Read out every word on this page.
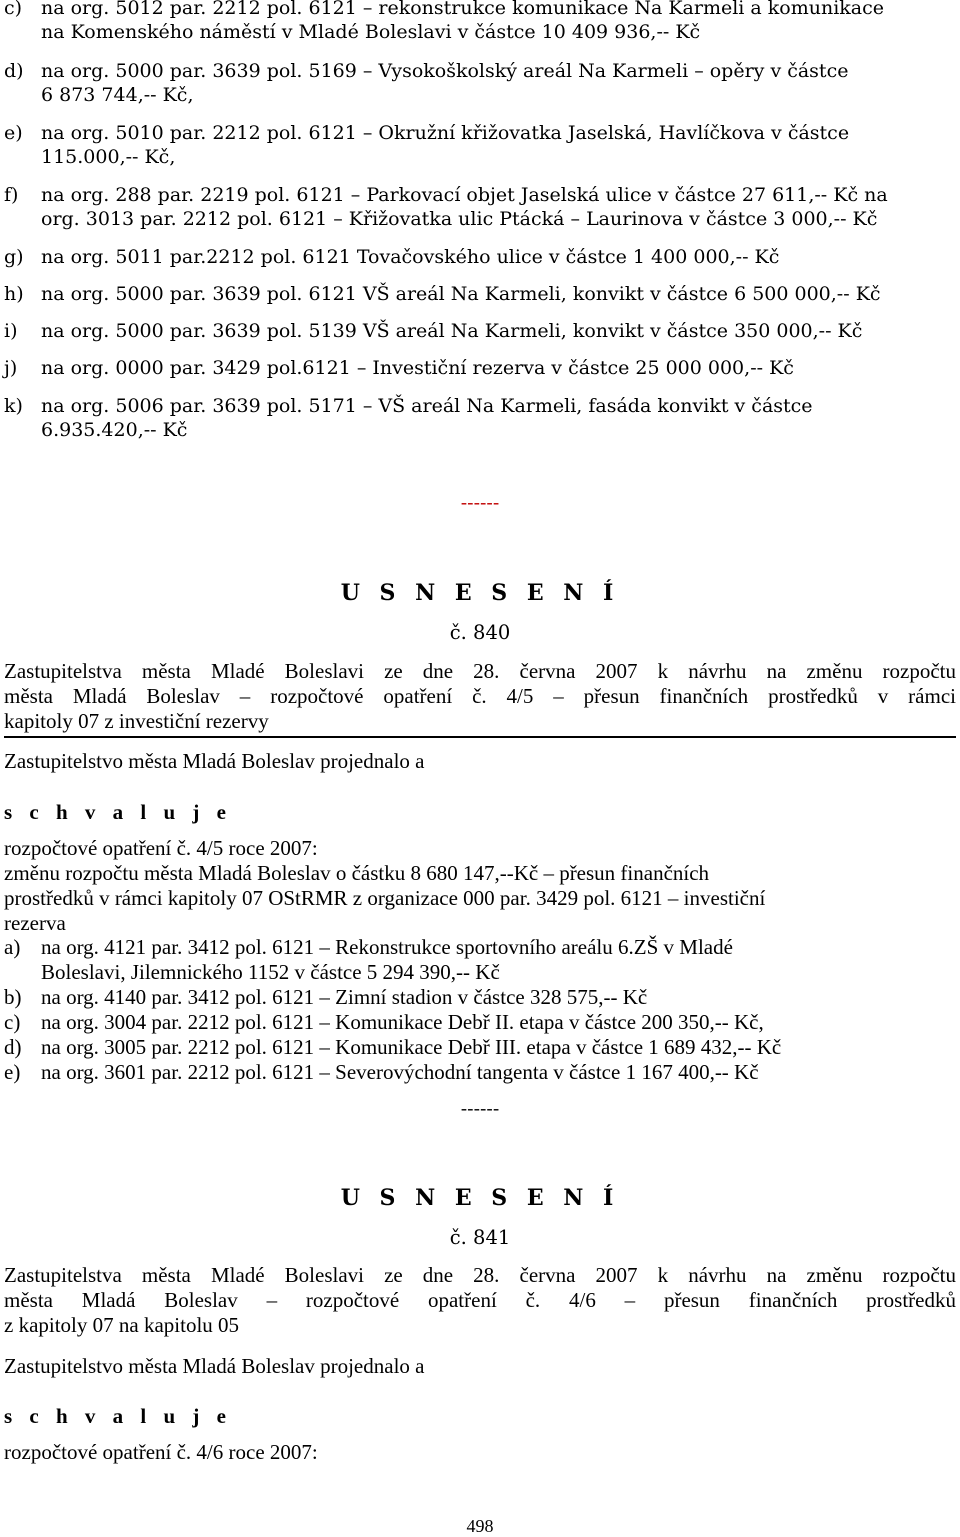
c) na org. 5012 par. 2212 pol. 6121 – rekonstrukce komunikace Na Karmeli a komunikace
na Komenského náměstí v Mladé Boleslavi v částce 10 409 936,-- Kč
d) na org. 5000 par. 3639 pol. 5169 – Vysokoškolský areál Na Karmeli – opěry v částce
6 873 744,-- Kč,
e) na org. 5010 par. 2212 pol. 6121 – Okružní křižovatka Jaselská, Havlíčkova v částce
115.000,-- Kč,
f) na org. 288 par. 2219 pol. 6121 – Parkovací objet Jaselská ulice v částce 27 611,-- Kč na
org. 3013 par. 2212 pol. 6121 – Křižovatka ulic Ptácká – Laurinova v částce 3 000,-- Kč
g) na org. 5011 par.2212 pol. 6121 Tovačovského ulice v částce 1 400 000,-- Kč
h) na org. 5000 par. 3639 pol. 6121 VŠ areál Na Karmeli, konvikt v částce 6 500 000,-- Kč
i) na org. 5000 par. 3639 pol. 5139 VŠ areál Na Karmeli, konvikt v částce 350 000,-- Kč
j) na org. 0000 par. 3429 pol.6121 – Investiční rezerva v částce 25 000 000,-- Kč
k) na org. 5006 par. 3639 pol. 5171 – VŠ areál Na Karmeli, fasáda konvikt v částce
6.935.420,-- Kč
------
U S N E S E N Í
č. 840
Zastupitelstva města Mladé Boleslavi ze dne 28. června 2007 k návrhu na změnu rozpočtu
města Mladá Boleslav – rozpočtové opatření č. 4/5 – přesun finančních prostředků v rámci
kapitoly 07 z investiční rezervy
Zastupitelstvo města Mladá Boleslav projednalo a
s c h v a l u j e
rozpočtové opatření č. 4/5 roce 2007:
změnu rozpočtu města Mladá Boleslav o částku 8 680 147,--Kč – přesun finančních
prostředků v rámci kapitoly 07 OStRMR z organizace 000 par. 3429 pol. 6121 – investiční
rezerva
a) na org. 4121 par. 3412 pol. 6121 – Rekonstrukce sportovního areálu 6.ZŠ v Mladé
Boleslavi, Jilemnického 1152 v částce 5 294 390,-- Kč
b) na org. 4140 par. 3412 pol. 6121 – Zimní stadion v částce 328 575,-- Kč
c) na org. 3004 par. 2212 pol. 6121 – Komunikace Debř II. etapa v částce 200 350,-- Kč,
d) na org. 3005 par. 2212 pol. 6121 – Komunikace Debř III. etapa v částce 1 689 432,-- Kč
e) na org. 3601 par. 2212 pol. 6121 – Severovýchodní tangenta v částce 1 167 400,-- Kč
------
U S N E S E N Í
č. 841
Zastupitelstva města Mladé Boleslavi ze dne 28. června 2007 k návrhu na změnu rozpočtu
města Mladá Boleslav – rozpočtové opatření č. 4/6 – přesun finančních prostředků
z kapitoly 07 na kapitolu 05
Zastupitelstvo města Mladá Boleslav projednalo a
s c h v a l u j e
rozpočtové opatření č. 4/6 roce 2007:
498
